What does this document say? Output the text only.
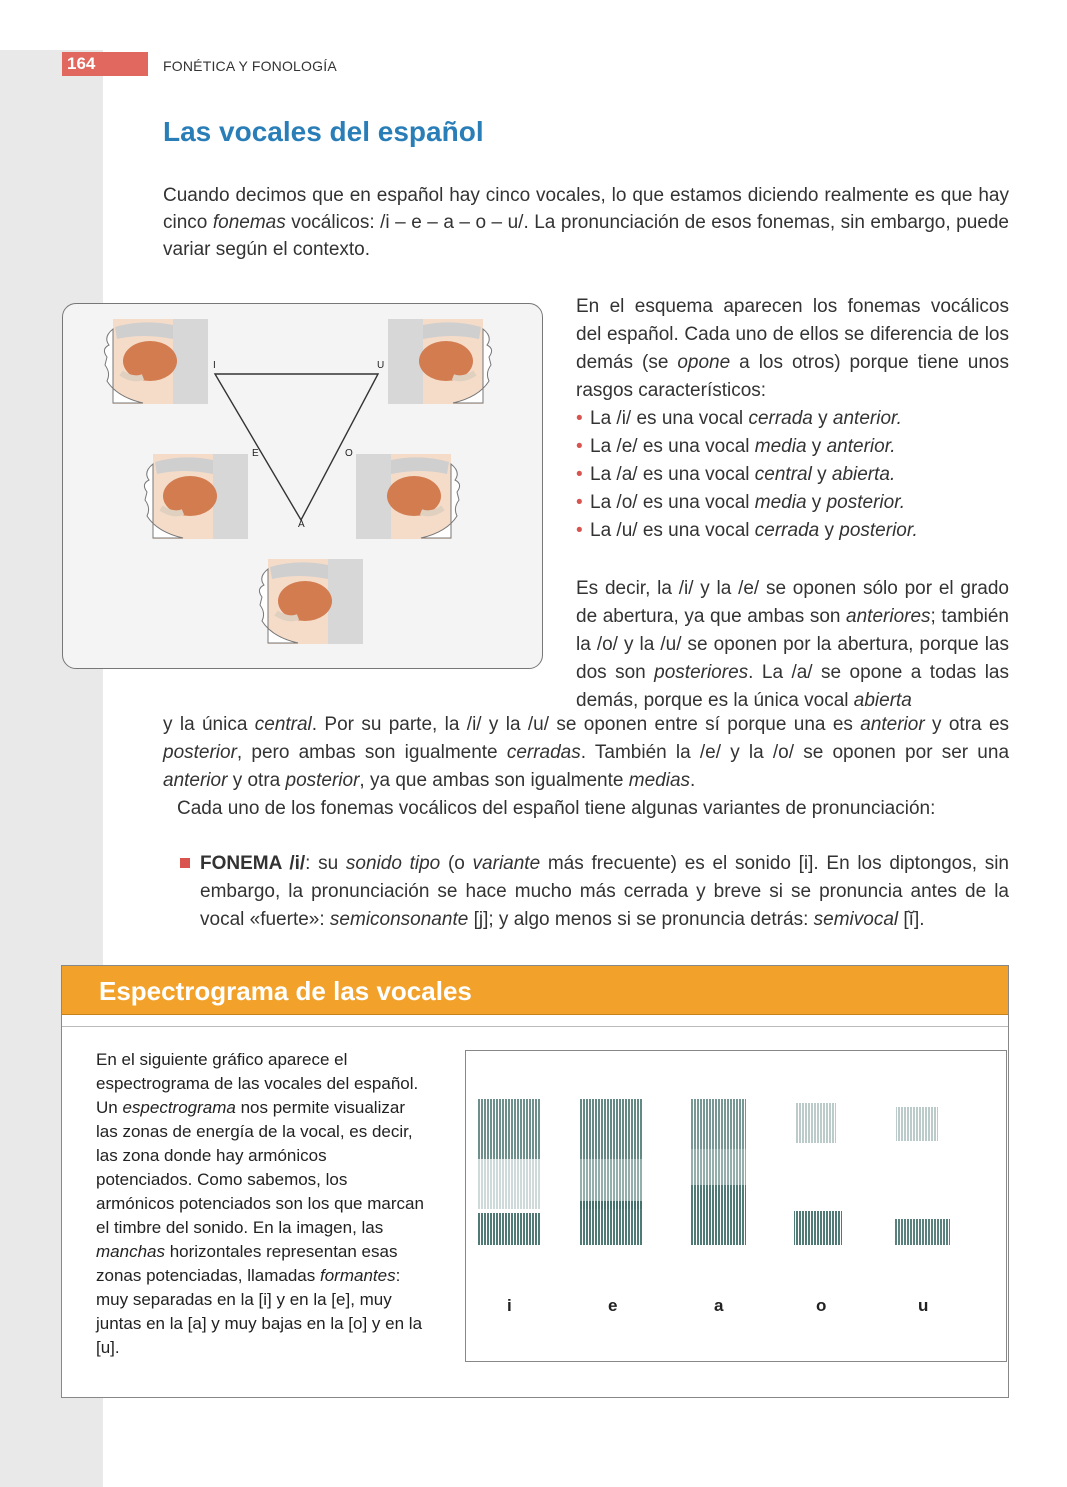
164	FONÉTICA Y FONOLOGÍA
Las vocales del español
Cuando decimos que en español hay cinco vocales, lo que estamos diciendo realmente es que hay cinco fonemas vocálicos: /i – e – a – o – u/. La pronunciación de esos fonemas, sin embargo, puede variar según el contexto.
I	U
E	O
A

En el esquema aparecen los fonemas vocálicos del español. Cada uno de ellos se diferencia de los demás (se opone a los otros) porque tiene unos rasgos característicos:

• La /i/ es una vocal cerrada y anterior.
• La /e/ es una vocal media y anterior.
• La /a/ es una vocal central y abierta.
• La /o/ es una vocal media y posterior.
• La /u/ es una vocal cerrada y posterior.

Es decir, la /i/ y la /e/ se oponen sólo por el grado de abertura, ya que ambas son anteriores; también la /o/ y la /u/ se oponen por la abertura, porque las dos son posteriores. La /a/ se opone a todas las demás, porque es la única vocal abierta

y la única central. Por su parte, la /i/ y la /u/ se oponen entre sí porque una es anterior y otra es posterior, pero ambas son igualmente cerradas. También la /e/ y la /o/ se oponen por ser una anterior y otra posterior, ya que ambas son igualmente medias.

Cada uno de los fonemas vocálicos del español tiene algunas variantes de pronunciación:

FONEMA /i/: su sonido tipo (o variante más frecuente) es el sonido [i]. En los diptongos, sin embargo, la pronunciación se hace mucho más cerrada y breve si se pronuncia antes de la vocal «fuerte»: semiconsonante [j]; y algo menos si se pronuncia detrás: semivocal [ĭ].
Espectrograma de las vocales
En el siguiente gráfico aparece el espectrograma de las vocales del español. Un espectrograma nos permite visualizar las zonas de energía de la vocal, es decir, las zona donde hay armónicos potenciados. Como sabemos, los armónicos potenciados son los que marcan el timbre del sonido. En la imagen, las manchas horizontales representan esas zonas potenciadas, llamadas formantes: muy separadas en la [i] y en la [e], muy juntas en la [a] y muy bajas en la [o] y en la [u].
i	e	a	o	u
